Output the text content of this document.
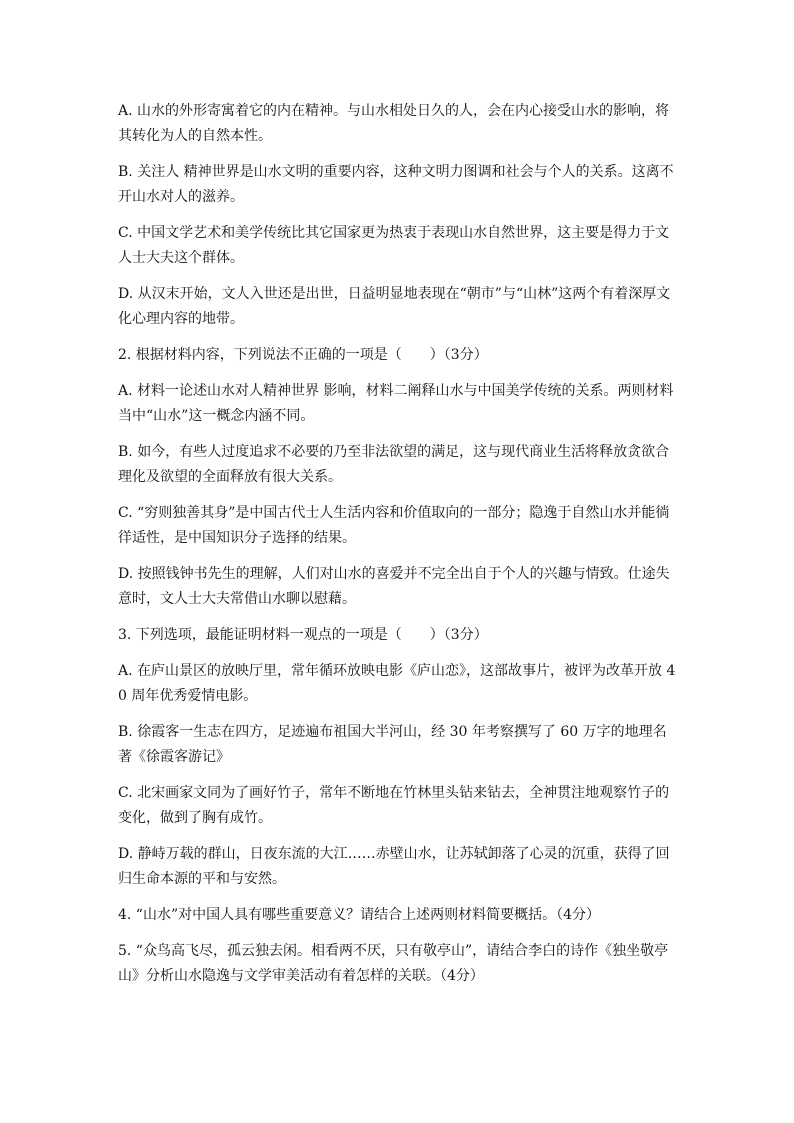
A. 山水的外形寄寓着它的内在精神。与山水相处日久的人，会在内心接受山水的影响，将其转化为人的自然本性。

B. 关注人 精神世界是山水文明的重要内容，这种文明力图调和社会与个人的关系。这离不开山水对人的滋养。

C. 中国文学艺术和美学传统比其它国家更为热衷于表现山水自然世界，这主要是得力于文人士大夫这个群体。

D. 从汉末开始，文人入世还是出世，日益明显地表现在“朝市”与“山林”这两个有着深厚文化心理内容的地带。

2. 根据材料内容，下列说法不正确的一项是（　　）（3分）

A. 材料一论述山水对人精神世界 影响，材料二阐释山水与中国美学传统的关系。两则材料当中“山水”这一概念内涵不同。

B. 如今，有些人过度追求不必要的乃至非法欲望的满足，这与现代商业生活将释放贪欲合理化及欲望的全面释放有很大关系。

C. “穷则独善其身”是中国古代士人生活内容和价值取向的一部分；隐逸于自然山水并能徜徉适性，是中国知识分子选择的结果。

D. 按照钱钟书先生的理解，人们对山水的喜爱并不完全出自于个人的兴趣与情致。仕途失意时，文人士大夫常借山水聊以慰藉。

3. 下列选项，最能证明材料一观点的一项是（　　）（3分）

A. 在庐山景区的放映厅里，常年循环放映电影《庐山恋》，这部故事片，被评为改革开放 40 周年优秀爱情电影。

B. 徐霞客一生志在四方，足迹遍布祖国大半河山，经 30 年考察撰写了 60 万字的地理名著《徐霞客游记》

C. 北宋画家文同为了画好竹子，常年不断地在竹林里头钻来钻去，全神贯注地观察竹子的变化，做到了胸有成竹。

D. 静峙万载的群山，日夜东流的大江……赤壁山水，让苏轼卸落了心灵的沉重，获得了回归生命本源的平和与安然。

4. “山水”对中国人具有哪些重要意义？请结合上述两则材料简要概括。（4分）

5. “众鸟高飞尽，孤云独去闲。相看两不厌，只有敬亭山”，请结合李白的诗作《独坐敬亭山》分析山水隐逸与文学审美活动有着怎样的关联。（4分）
